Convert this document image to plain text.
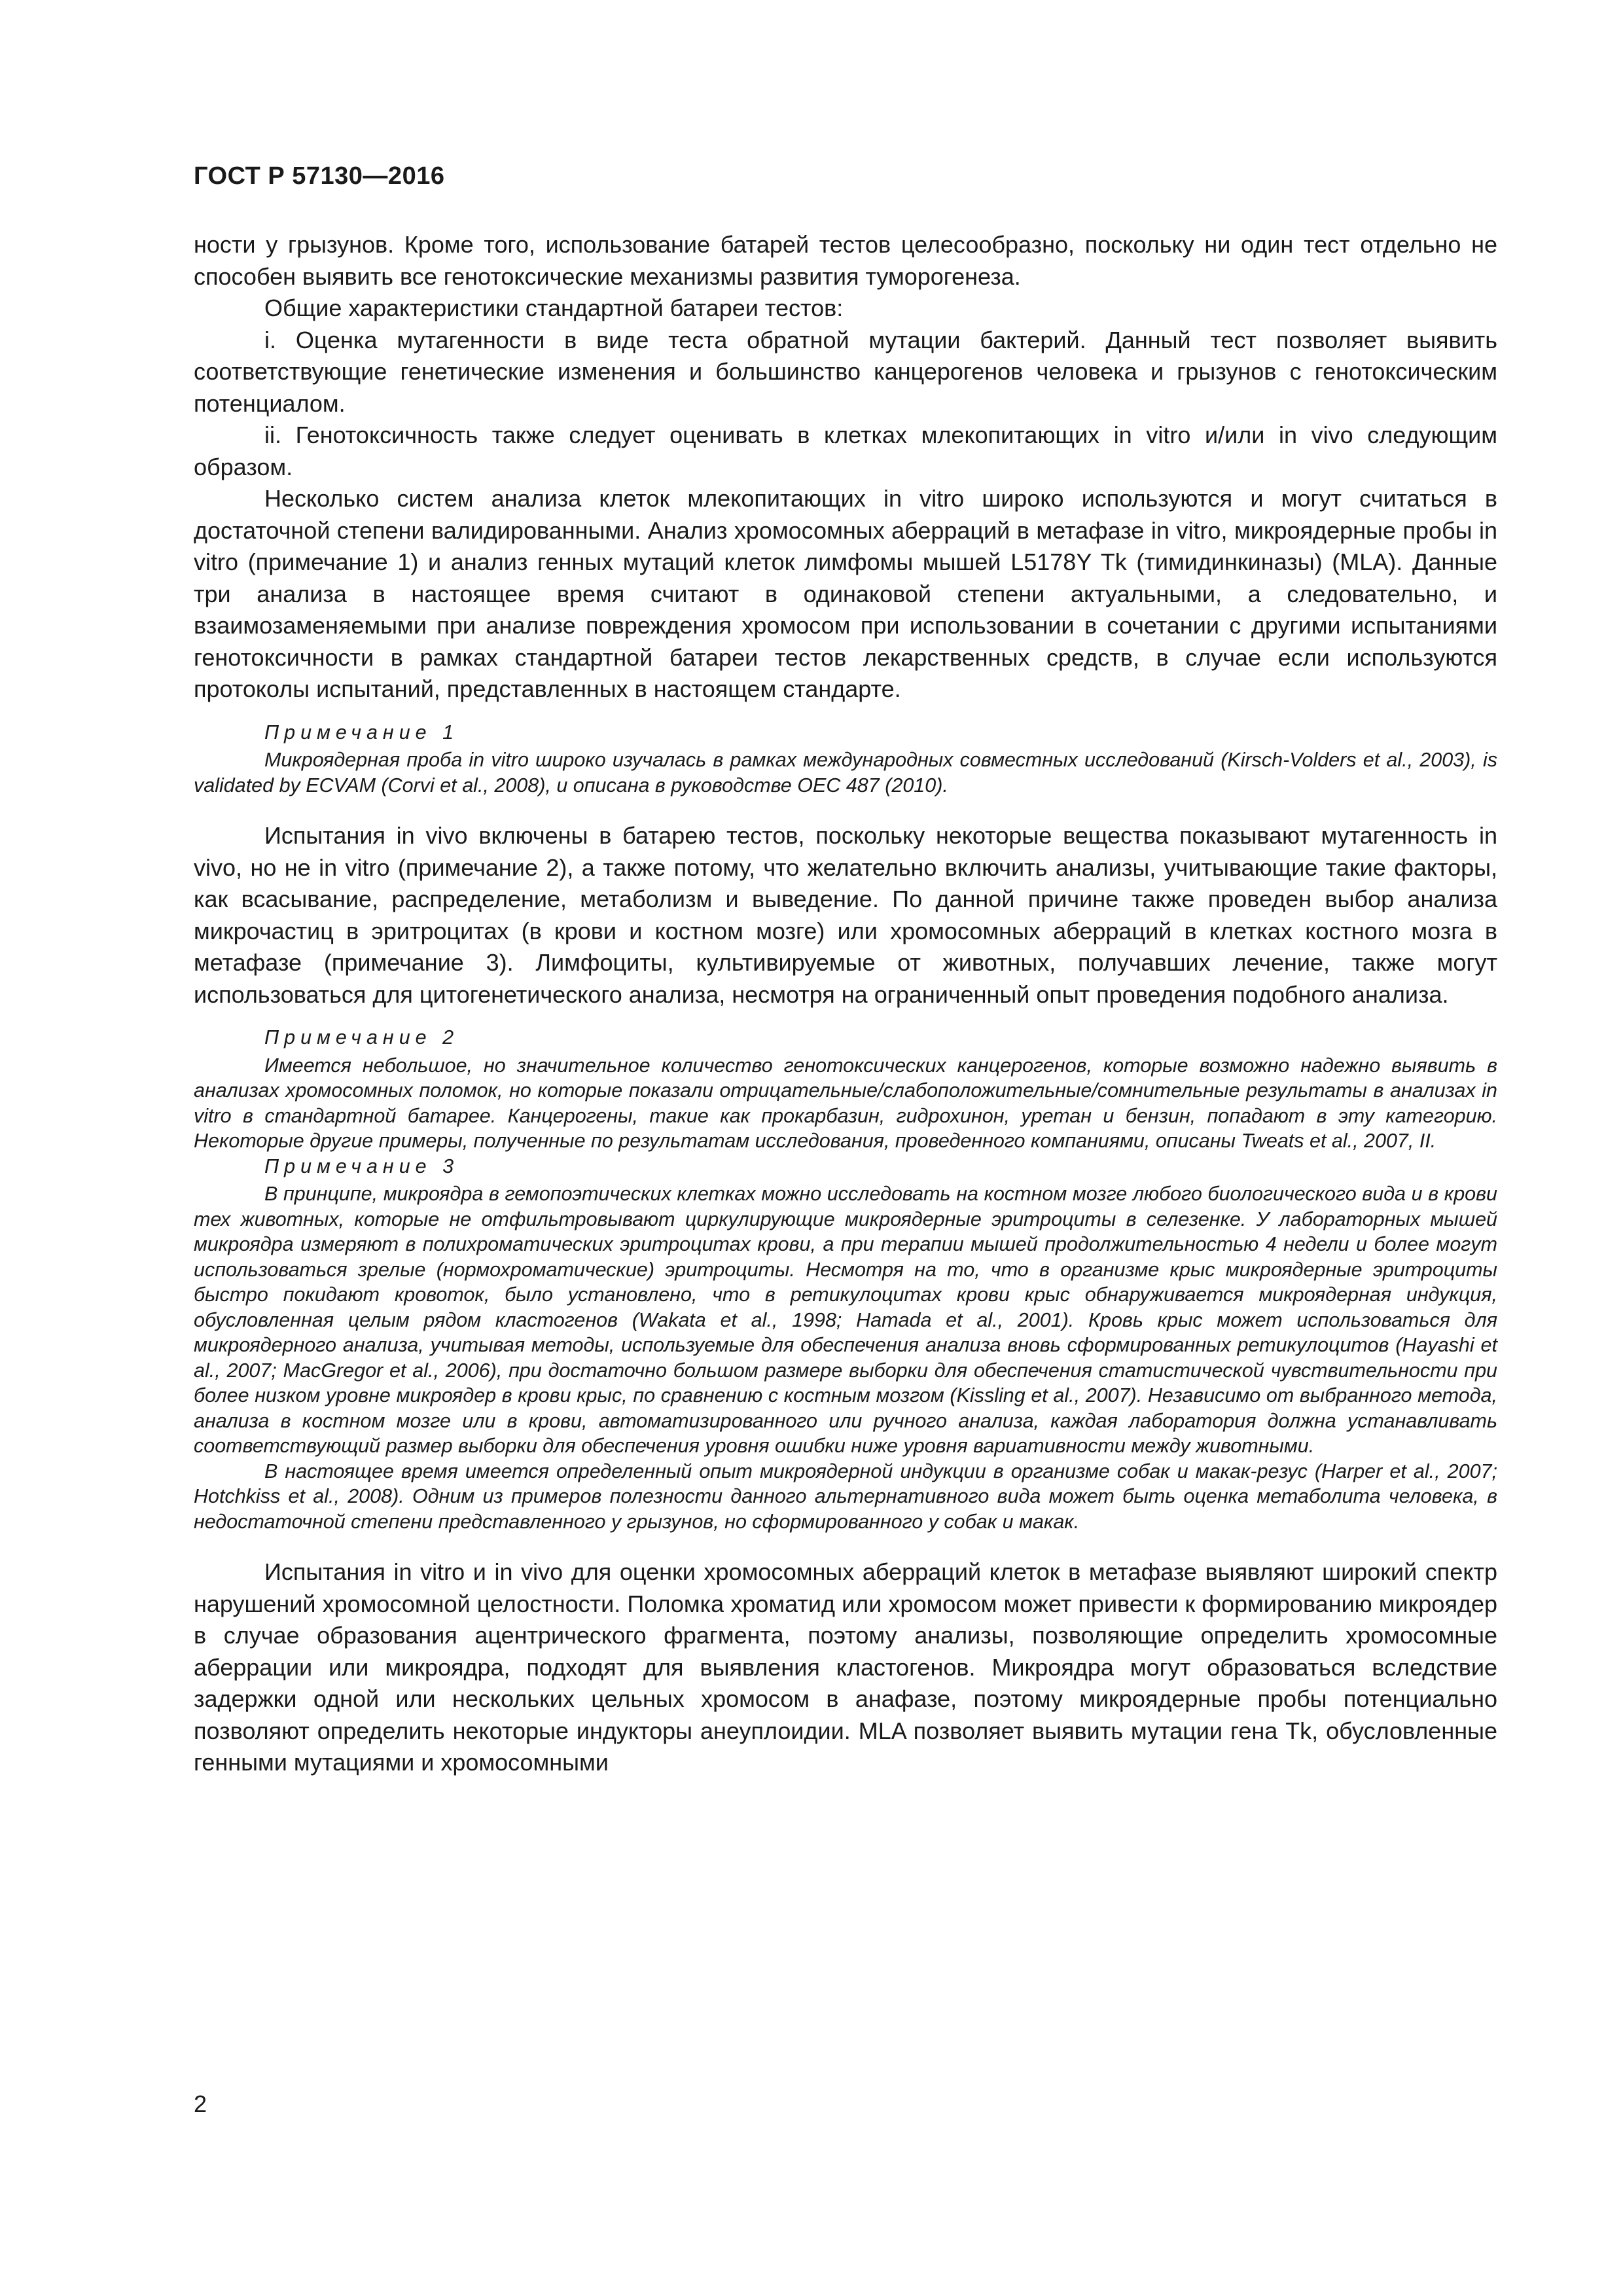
ГОСТ Р 57130—2016

ности у грызунов. Кроме того, использование батарей тестов целесообразно, поскольку ни один тест отдельно не способен выявить все генотоксические механизмы развития туморогенеза.

Общие характеристики стандартной батареи тестов:

i. Оценка мутагенности в виде теста обратной мутации бактерий. Данный тест позволяет выявить соответствующие генетические изменения и большинство канцерогенов человека и грызунов с генотоксическим потенциалом.

ii. Генотоксичность также следует оценивать в клетках млекопитающих in vitro и/или in vivo следующим образом.

Несколько систем анализа клеток млекопитающих in vitro широко используются и могут считаться в достаточной степени валидированными. Анализ хромосомных аберраций в метафазе in vitro, микроядерные пробы in vitro (примечание 1) и анализ генных мутаций клеток лимфомы мышей L5178Y Tk (тимидинкиназы) (MLA). Данные три анализа в настоящее время считают в одинаковой степени актуальными, а следовательно, и взаимозаменяемыми при анализе повреждения хромосом при использовании в сочетании с другими испытаниями генотоксичности в рамках стандартной батареи тестов лекарственных средств, в случае если используются протоколы испытаний, представленных в настоящем стандарте.

Примечание 1

Микроядерная проба in vitro широко изучалась в рамках международных совместных исследований (Kirsch-Volders et al., 2003), is validated by ECVAM (Corvi et al., 2008), и описана в руководстве OEC 487 (2010).

Испытания in vivo включены в батарею тестов, поскольку некоторые вещества показывают мутагенность in vivo, но не in vitro (примечание 2), а также потому, что желательно включить анализы, учитывающие такие факторы, как всасывание, распределение, метаболизм и выведение. По данной причине также проведен выбор анализа микрочастиц в эритроцитах (в крови и костном мозге) или хромосомных аберраций в клетках костного мозга в метафазе (примечание 3). Лимфоциты, культивируемые от животных, получавших лечение, также могут использоваться для цитогенетического анализа, несмотря на ограниченный опыт проведения подобного анализа.

Примечание 2

Имеется небольшое, но значительное количество генотоксических канцерогенов, которые возможно надежно выявить в анализах хромосомных поломок, но которые показали отрицательные/слабоположительные/сомнительные результаты в анализах in vitro в стандартной батарее. Канцерогены, такие как прокарбазин, гидрохинон, уретан и бензин, попадают в эту категорию. Некоторые другие примеры, полученные по результатам исследования, проведенного компаниями, описаны Tweats et al., 2007, II.

Примечание 3

В принципе, микроядра в гемопоэтических клетках можно исследовать на костном мозге любого биологического вида и в крови тех животных, которые не отфильтровывают циркулирующие микроядерные эритроциты в селезенке. У лабораторных мышей микроядра измеряют в полихроматических эритроцитах крови, а при терапии мышей продолжительностью 4 недели и более могут использоваться зрелые (нормохроматические) эритроциты. Несмотря на то, что в организме крыс микроядерные эритроциты быстро покидают кровоток, было установлено, что в ретикулоцитах крови крыс обнаруживается микроядерная индукция, обусловленная целым рядом кластогенов (Wakata et al., 1998; Hamada et al., 2001). Кровь крыс может использоваться для микроядерного анализа, учитывая методы, используемые для обеспечения анализа вновь сформированных ретикулоцитов (Hayashi et al., 2007; MacGregor et al., 2006), при достаточно большом размере выборки для обеспечения статистической чувствительности при более низком уровне микроядер в крови крыс, по сравнению с костным мозгом (Kissling et al., 2007). Независимо от выбранного метода, анализа в костном мозге или в крови, автоматизированного или ручного анализа, каждая лаборатория должна устанавливать соответствующий размер выборки для обеспечения уровня ошибки ниже уровня вариативности между животными.

В настоящее время имеется определенный опыт микроядерной индукции в организме собак и макак-резус (Harper et al., 2007; Hotchkiss et al., 2008). Одним из примеров полезности данного альтернативного вида может быть оценка метаболита человека, в недостаточной степени представленного у грызунов, но сформированного у собак и макак.

Испытания in vitro и in vivo для оценки хромосомных аберраций клеток в метафазе выявляют широкий спектр нарушений хромосомной целостности. Поломка хроматид или хромосом может привести к формированию микроядер в случае образования ацентрического фрагмента, поэтому анализы, позволяющие определить хромосомные аберрации или микроядра, подходят для выявления кластогенов. Микроядра могут образоваться вследствие задержки одной или нескольких цельных хромосом в анафазе, поэтому микроядерные пробы потенциально позволяют определить некоторые индукторы анеуплоидии. MLA позволяет выявить мутации гена Tk, обусловленные генными мутациями и хромосомными

2
